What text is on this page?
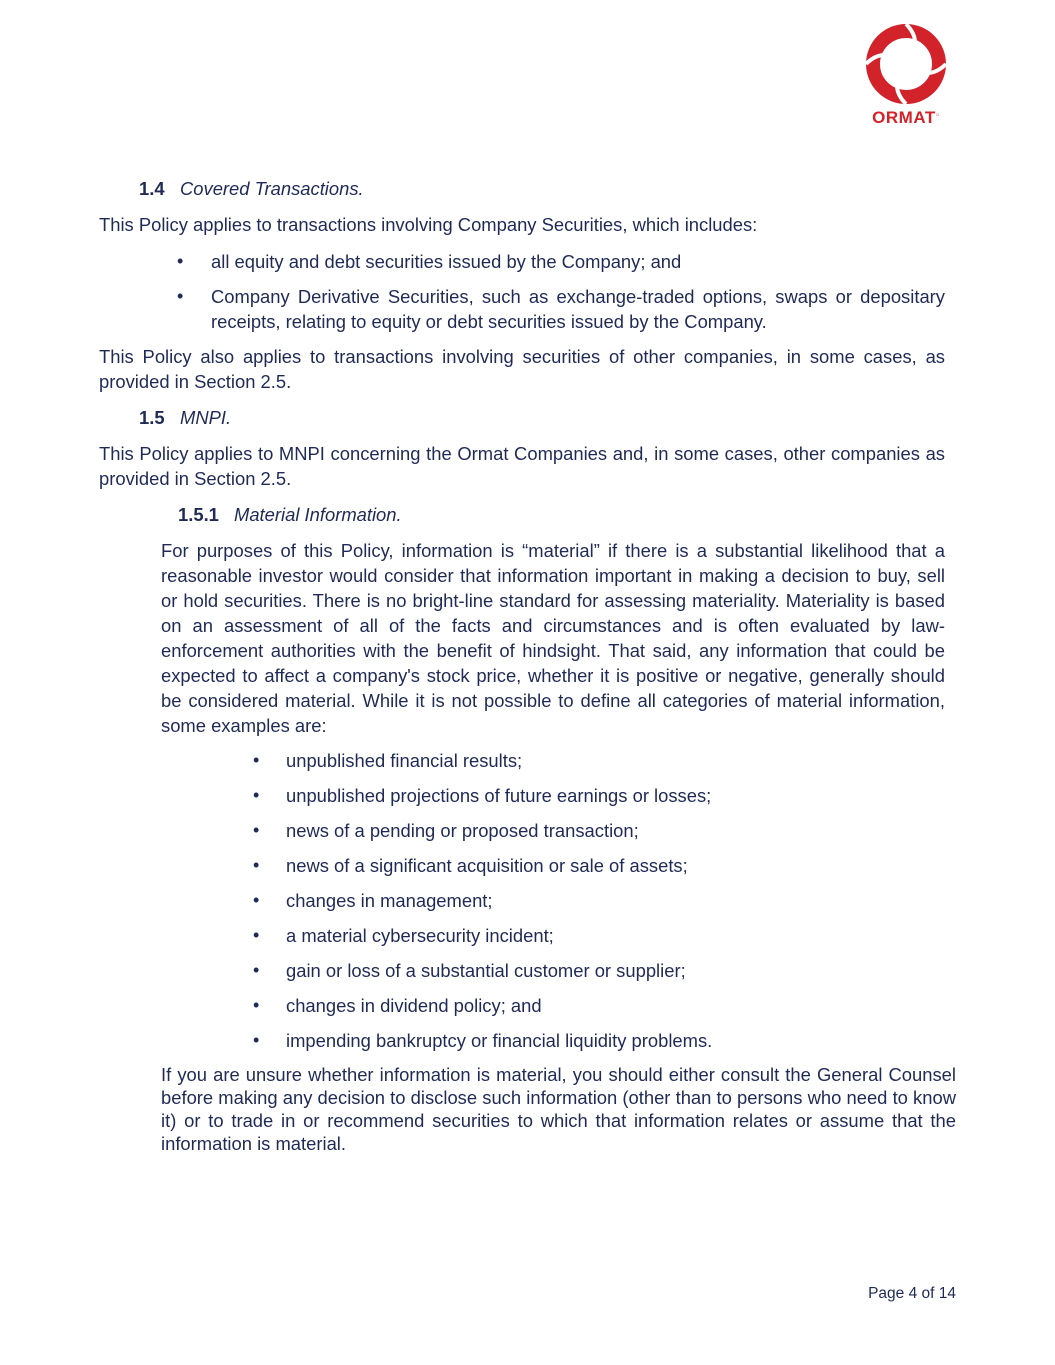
ORMAT○
1.4 Covered Transactions.

This Policy applies to transactions involving Company Securities, which includes:

• all equity and debt securities issued by the Company; and
• Company Derivative Securities, such as exchange-traded options, swaps or depositary receipts, relating to equity or debt securities issued by the Company.

This Policy also applies to transactions involving securities of other companies, in some cases, as provided in Section 2.5.

1.5 MNPI.

This Policy applies to MNPI concerning the Ormat Companies and, in some cases, other companies as provided in Section 2.5.

1.5.1 Material Information.

For purposes of this Policy, information is “material” if there is a substantial likelihood that a reasonable investor would consider that information important in making a decision to buy, sell or hold securities. There is no bright-line standard for assessing materiality. Materiality is based on an assessment of all of the facts and circumstances and is often evaluated by law-enforcement authorities with the benefit of hindsight. That said, any information that could be expected to affect a company's stock price, whether it is positive or negative, generally should be considered material. While it is not possible to define all categories of material information, some examples are:

• unpublished financial results;
• unpublished projections of future earnings or losses;
• news of a pending or proposed transaction;
• news of a significant acquisition or sale of assets;
• changes in management;
• a material cybersecurity incident;
• gain or loss of a substantial customer or supplier;
• changes in dividend policy; and
• impending bankruptcy or financial liquidity problems.

If you are unsure whether information is material, you should either consult the General Counsel before making any decision to disclose such information (other than to persons who need to know it) or to trade in or recommend securities to which that information relates or assume that the information is material.

Page 4 of 14
